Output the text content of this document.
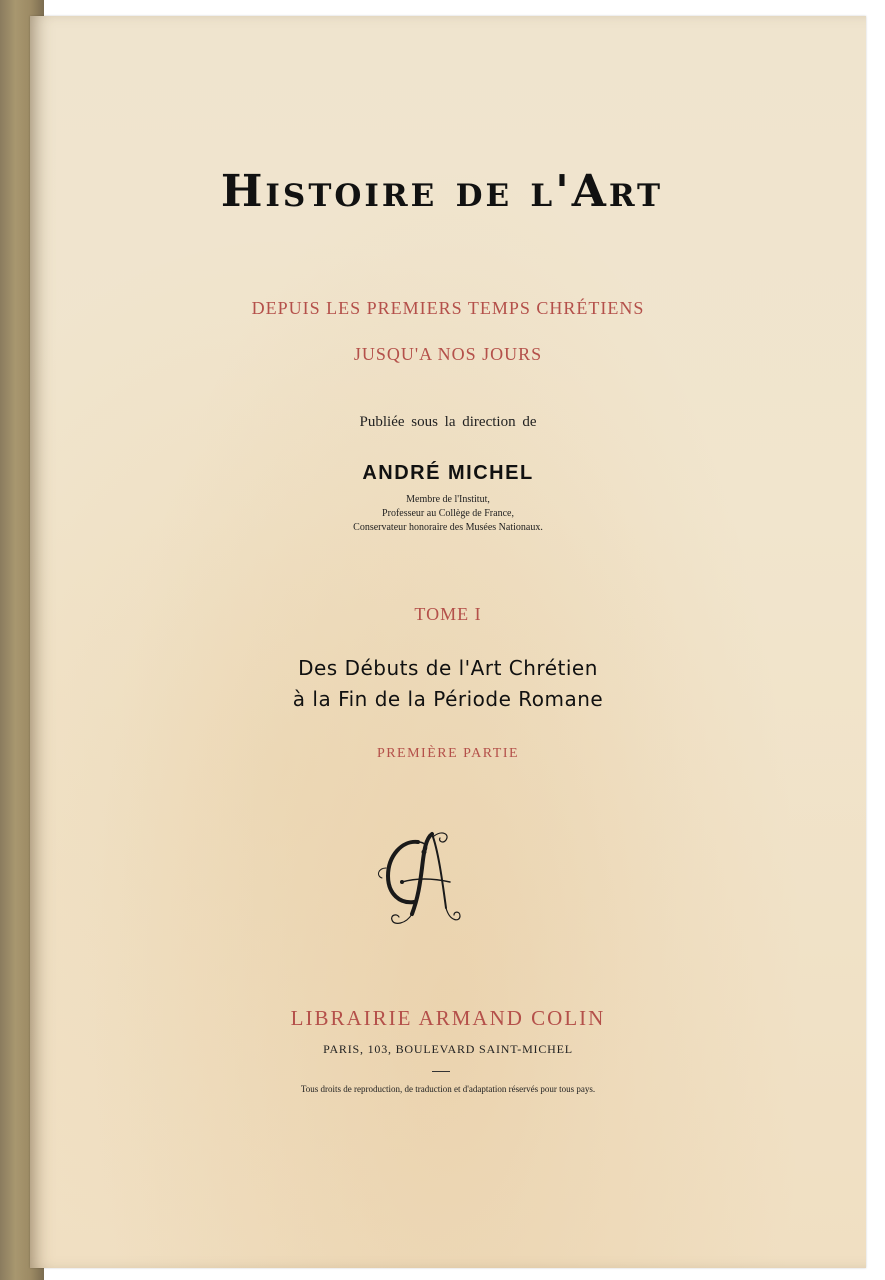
Histoire de l'Art

DEPUIS LES PREMIERS TEMPS CHRÉTIENS

JUSQU'A NOS JOURS

Publiée sous la direction de

ANDRÉ MICHEL

Membre de l'Institut,

Professeur au Collège de France,

Conservateur honoraire des Musées Nationaux.

TOME I

Des Débuts de l'Art Chrétien

à la Fin de la Période Romane

PREMIÈRE PARTIE

LIBRAIRIE ARMAND COLIN

PARIS, 103, BOULEVARD SAINT-MICHEL

Tous droits de reproduction, de traduction et d'adaptation réservés pour tous pays.
